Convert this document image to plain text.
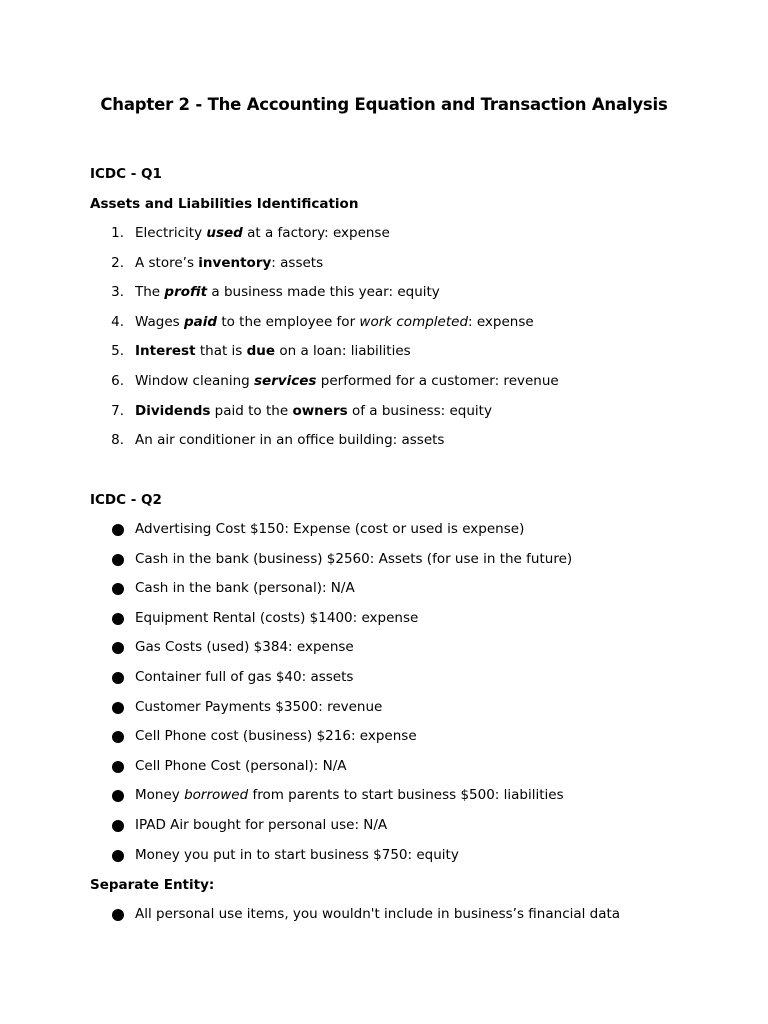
Chapter 2 - The Accounting Equation and Transaction Analysis
ICDC - Q1
Assets and Liabilities Identification
1. Electricity used at a factory: expense
2. A store’s inventory: assets
3. The profit a business made this year: equity
4. Wages paid to the employee for work completed: expense
5. Interest that is due on a loan: liabilities
6. Window cleaning services performed for a customer: revenue
7. Dividends paid to the owners of a business: equity
8. An air conditioner in an office building: assets
ICDC - Q2
Advertising Cost $150: Expense (cost or used is expense)
Cash in the bank (business) $2560: Assets (for use in the future)
Cash in the bank (personal): N/A
Equipment Rental (costs) $1400: expense
Gas Costs (used) $384: expense
Container full of gas $40: assets
Customer Payments $3500: revenue
Cell Phone cost (business) $216: expense
Cell Phone Cost (personal): N/A
Money borrowed from parents to start business $500: liabilities
IPAD Air bought for personal use: N/A
Money you put in to start business $750: equity
Separate Entity:
All personal use items, you wouldn't include in business’s financial data
